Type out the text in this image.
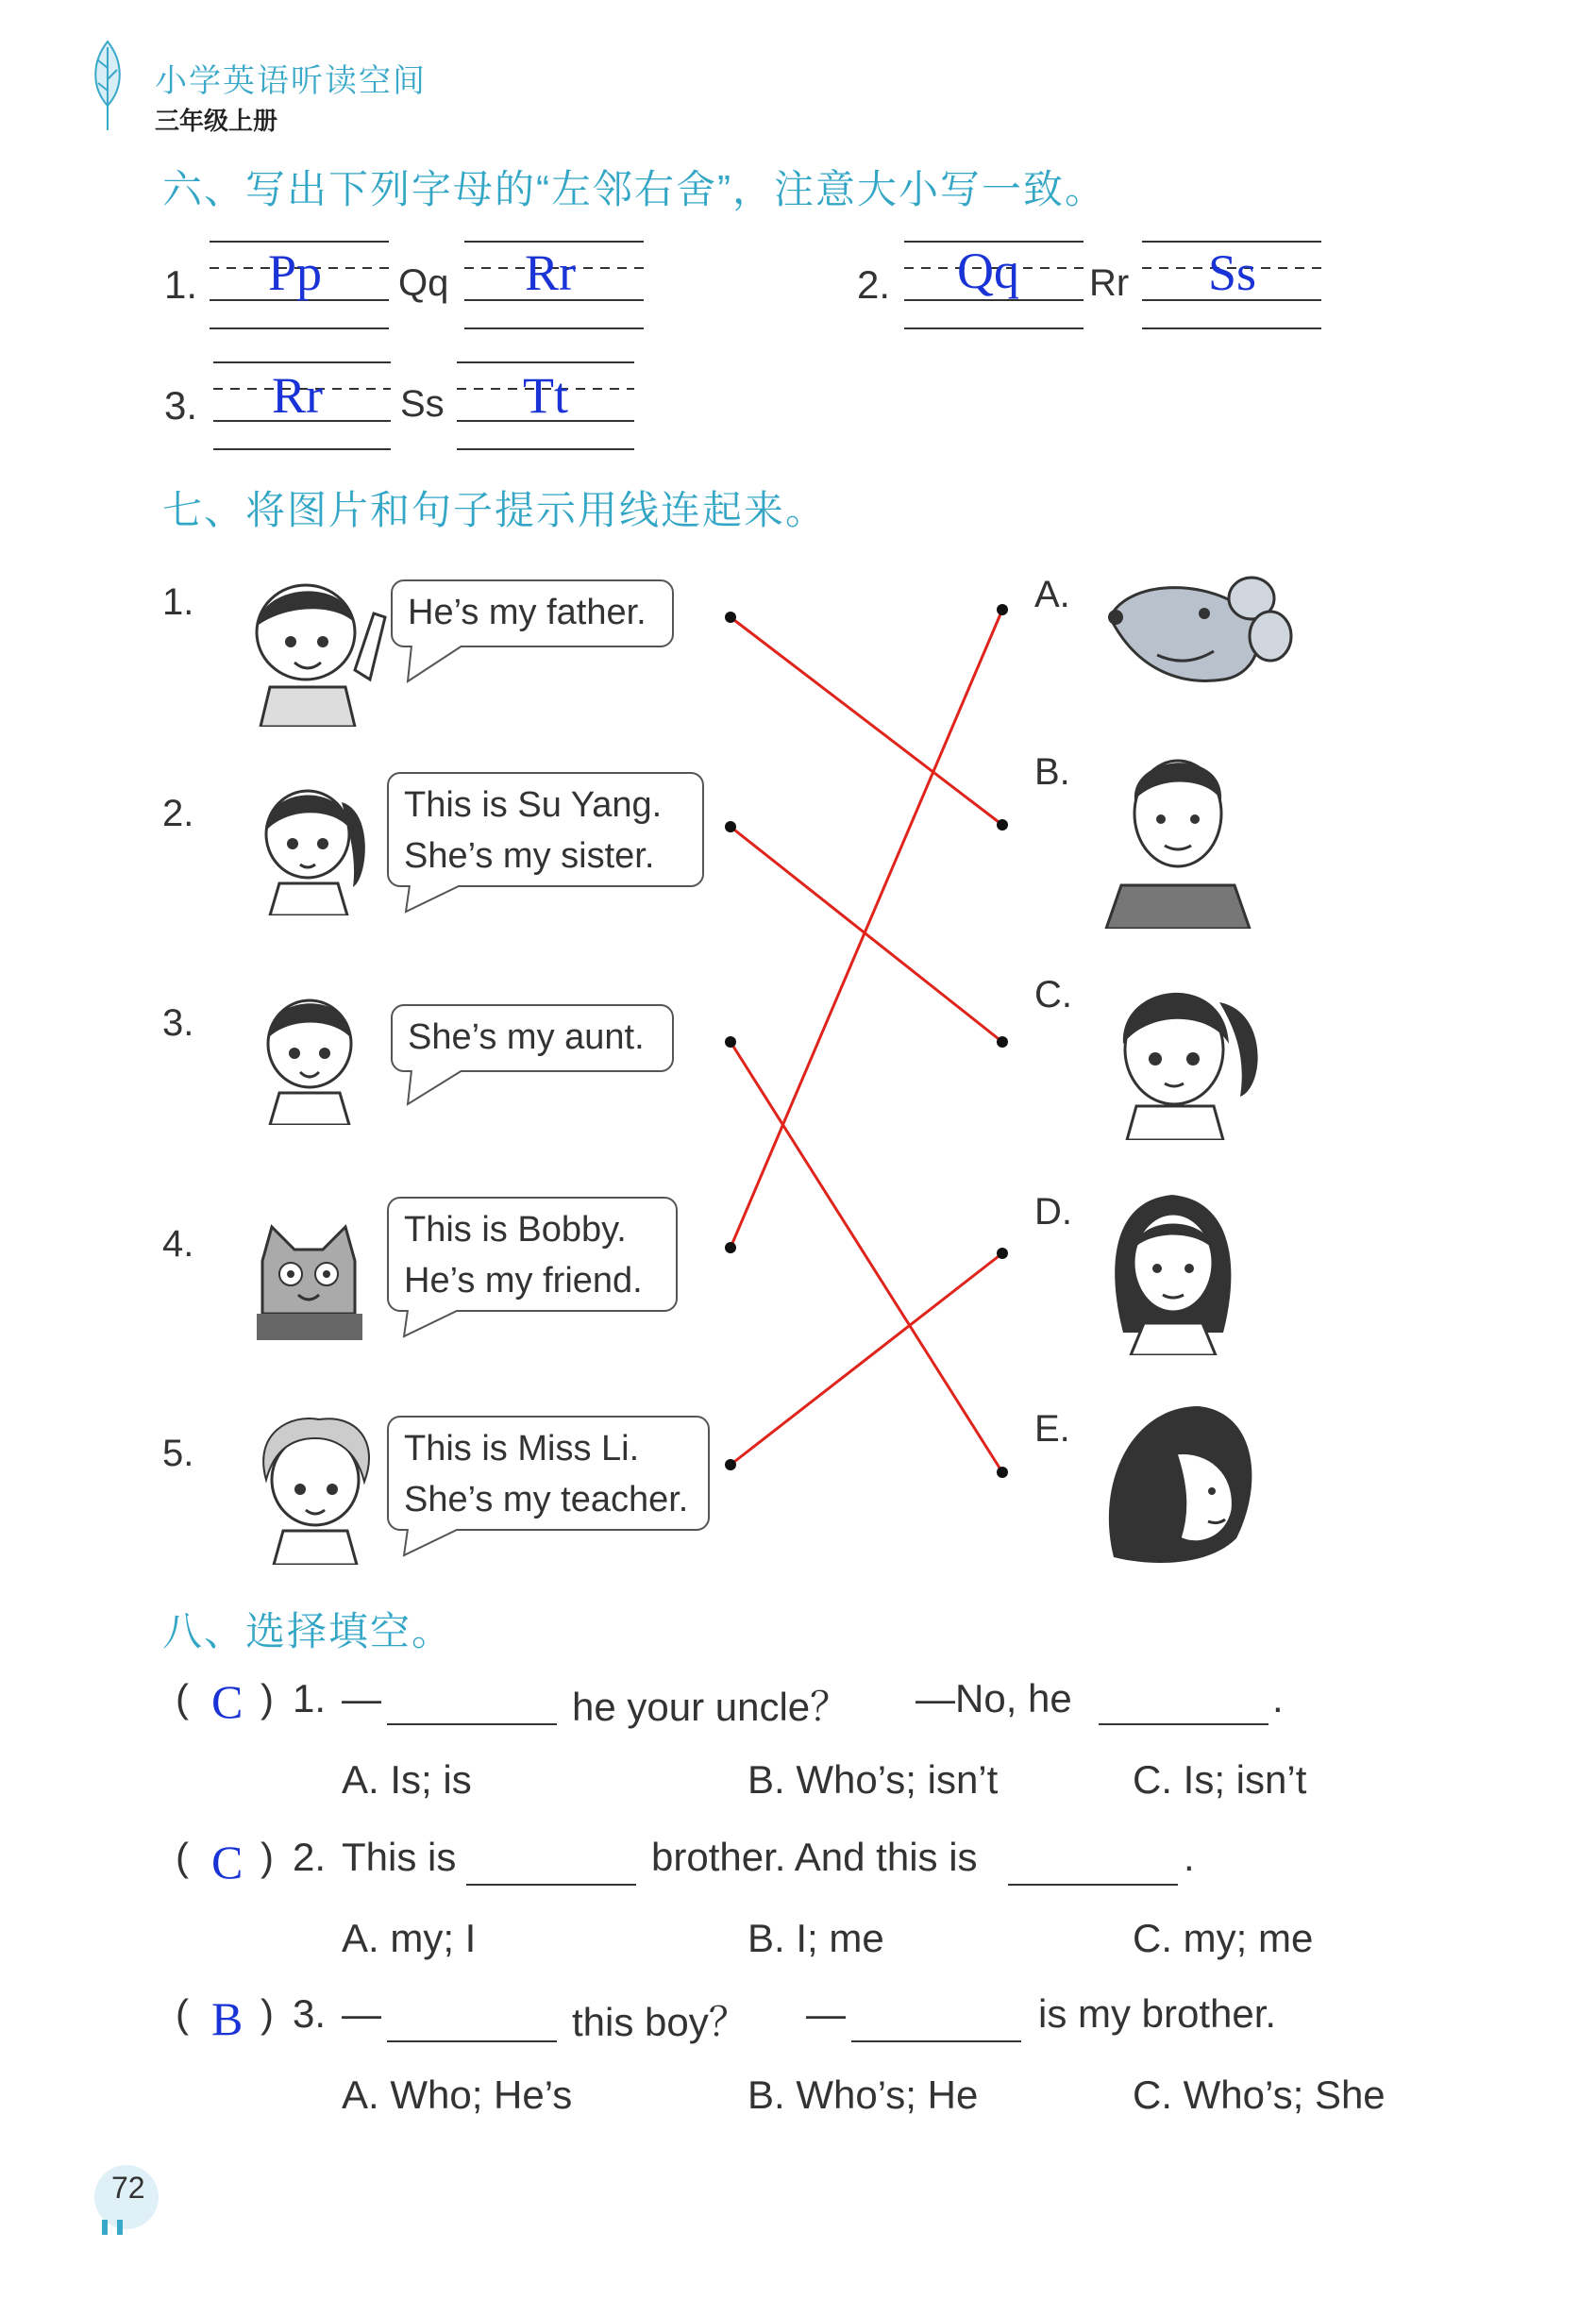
小学英语听读空间
三年级上册
六、写出下列字母的“左邻右舍”，注意大小写一致。
1. Pp Qq Rr	2. Qq Rr Ss
3. Rr Ss Tt
七、将图片和句子提示用线连起来。
1.
2.
3.
4.
5.
He’s my father.
This is Su Yang.
She’s my sister.
She’s my aunt.
This is Bobby.
He’s my friend.
This is Miss Li.
She’s my teacher.
A.
B.
C.
D.
E.
八、选择填空。
( C ) 1. —	he your uncle？ —No, he	.
A. Is; is	B. Who’s; isn’t	C. Is; isn’t
( C ) 2. This is	brother. And this is	.
A. my; I	B. I; me	C. my; me
( B ) 3. —	this boy？ —	is my brother.
A. Who; He’s	B. Who’s; He	C. Who’s; She
72
